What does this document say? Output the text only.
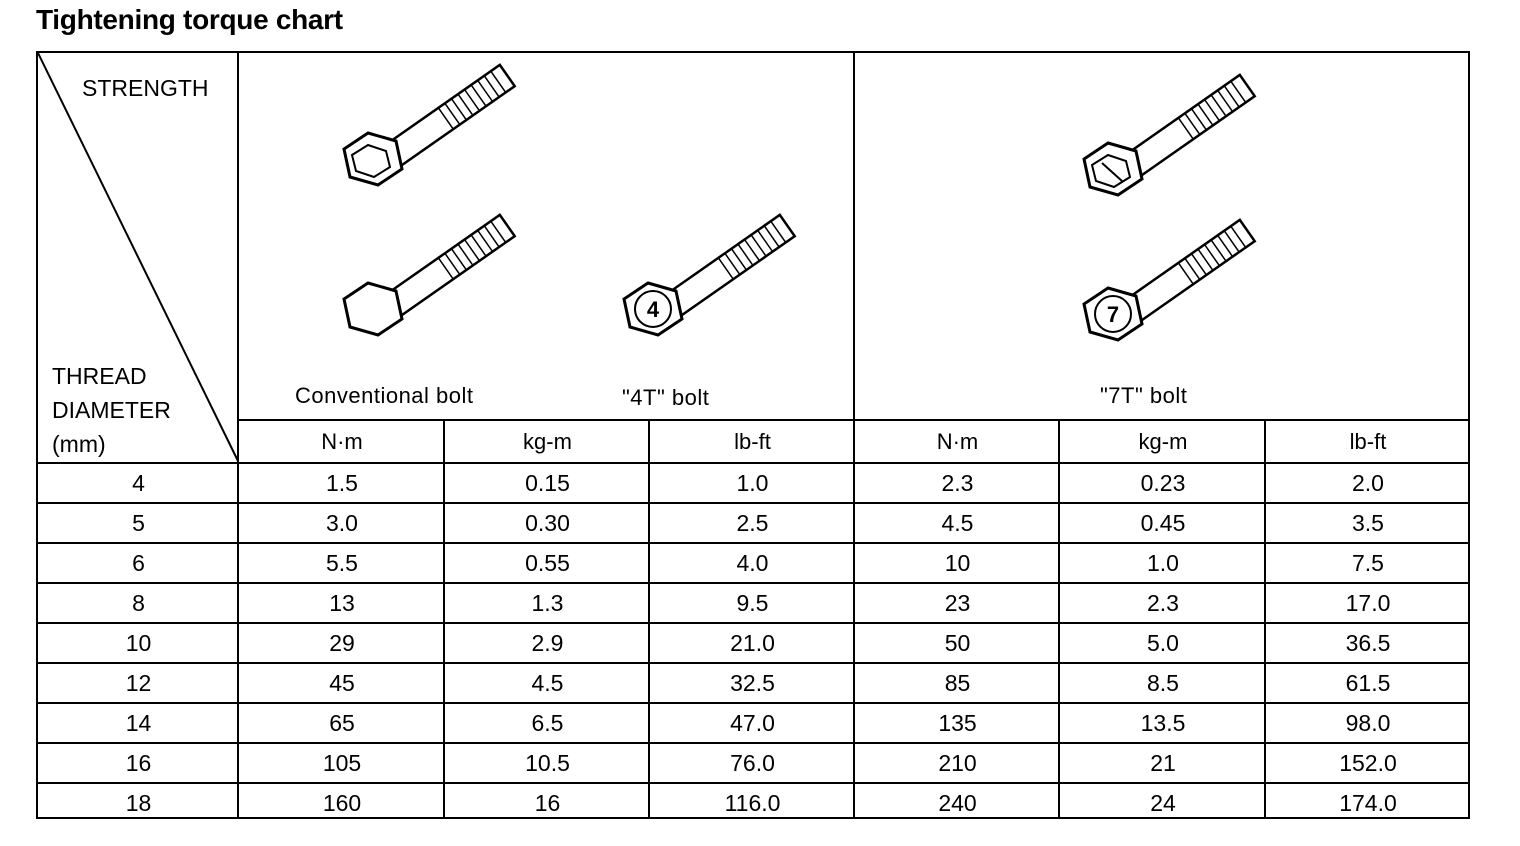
Tightening torque chart
STRENGTH
THREAD
DIAMETER
(mm)
4	7
Conventional bolt	"4T" bolt	"7T" bolt
N·m	kg-m	lb-ft	N·m	kg-m	lb-ft
4	1.5	0.15	1.0	2.3	0.23	2.0
5	3.0	0.30	2.5	4.5	0.45	3.5
6	5.5	0.55	4.0	10	1.0	7.5
8	13	1.3	9.5	23	2.3	17.0
10	29	2.9	21.0	50	5.0	36.5
12	45	4.5	32.5	85	8.5	61.5
14	65	6.5	47.0	135	13.5	98.0
16	105	10.5	76.0	210	21	152.0
18	160	16	116.0	240	24	174.0
